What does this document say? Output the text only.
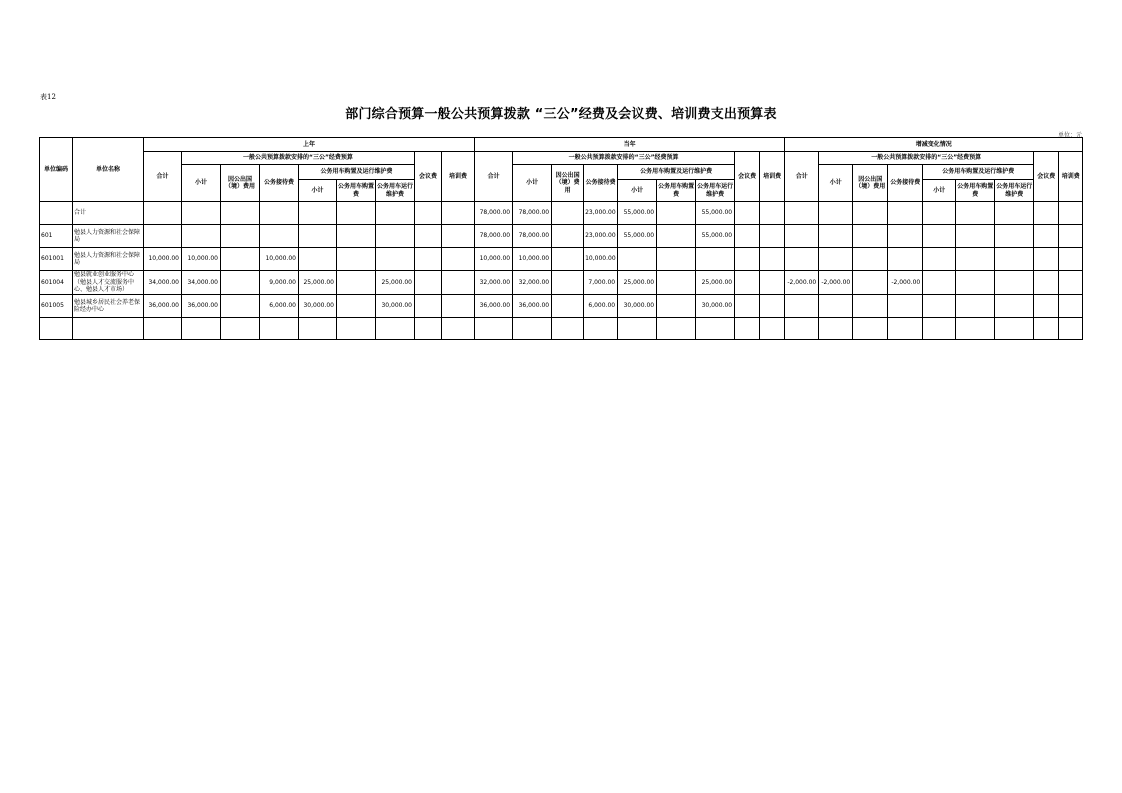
表12
部门综合预算一般公共预算拨款 “三公”经费及会议费、培训费支出预算表
单位：元
单位编码	单位名称	上年									当年									增减变化情况								
		合计	一般公共预算拨款安排的“三公”经费预算						会议费	培训费	合计	一般公共预算拨款安排的“三公”经费预算						会议费	培训费	合计	一般公共预算拨款安排的“三公”经费预算						会议费	培训费
			小计	因公出国（境）费用	公务接待费	公务用车购置及运行维护费						小计	因公出国（境）费用	公务接待费	公务用车购置及运行维护费						小计	因公出国（境）费用	公务接待费	公务用车购置及运行维护费				
						小计	公务用车购置费	公务用车运行维护费							小计	公务用车购置费	公务用车运行维护费							小计	公务用车购置费	公务用车运行维护费		
	合计										78,000.00	78,000.00		23,000.00	55,000.00		55,000.00											
601	勉县人力资源和社会保障局										78,000.00	78,000.00		23,000.00	55,000.00		55,000.00											
601001	勉县人力资源和社会保障局	10,000.00	10,000.00		10,000.00						10,000.00	10,000.00		10,000.00														
601004	勉县就业创业服务中心（勉县人才交流服务中心、勉县人才市场）	34,000.00	34,000.00		9,000.00	25,000.00		25,000.00			32,000.00	32,000.00		7,000.00	25,000.00		25,000.00			-2,000.00	-2,000.00		-2,000.00					
601005	勉县城乡居民社会养老保险经办中心	36,000.00	36,000.00		6,000.00	30,000.00		30,000.00			36,000.00	36,000.00		6,000.00	30,000.00		30,000.00											
